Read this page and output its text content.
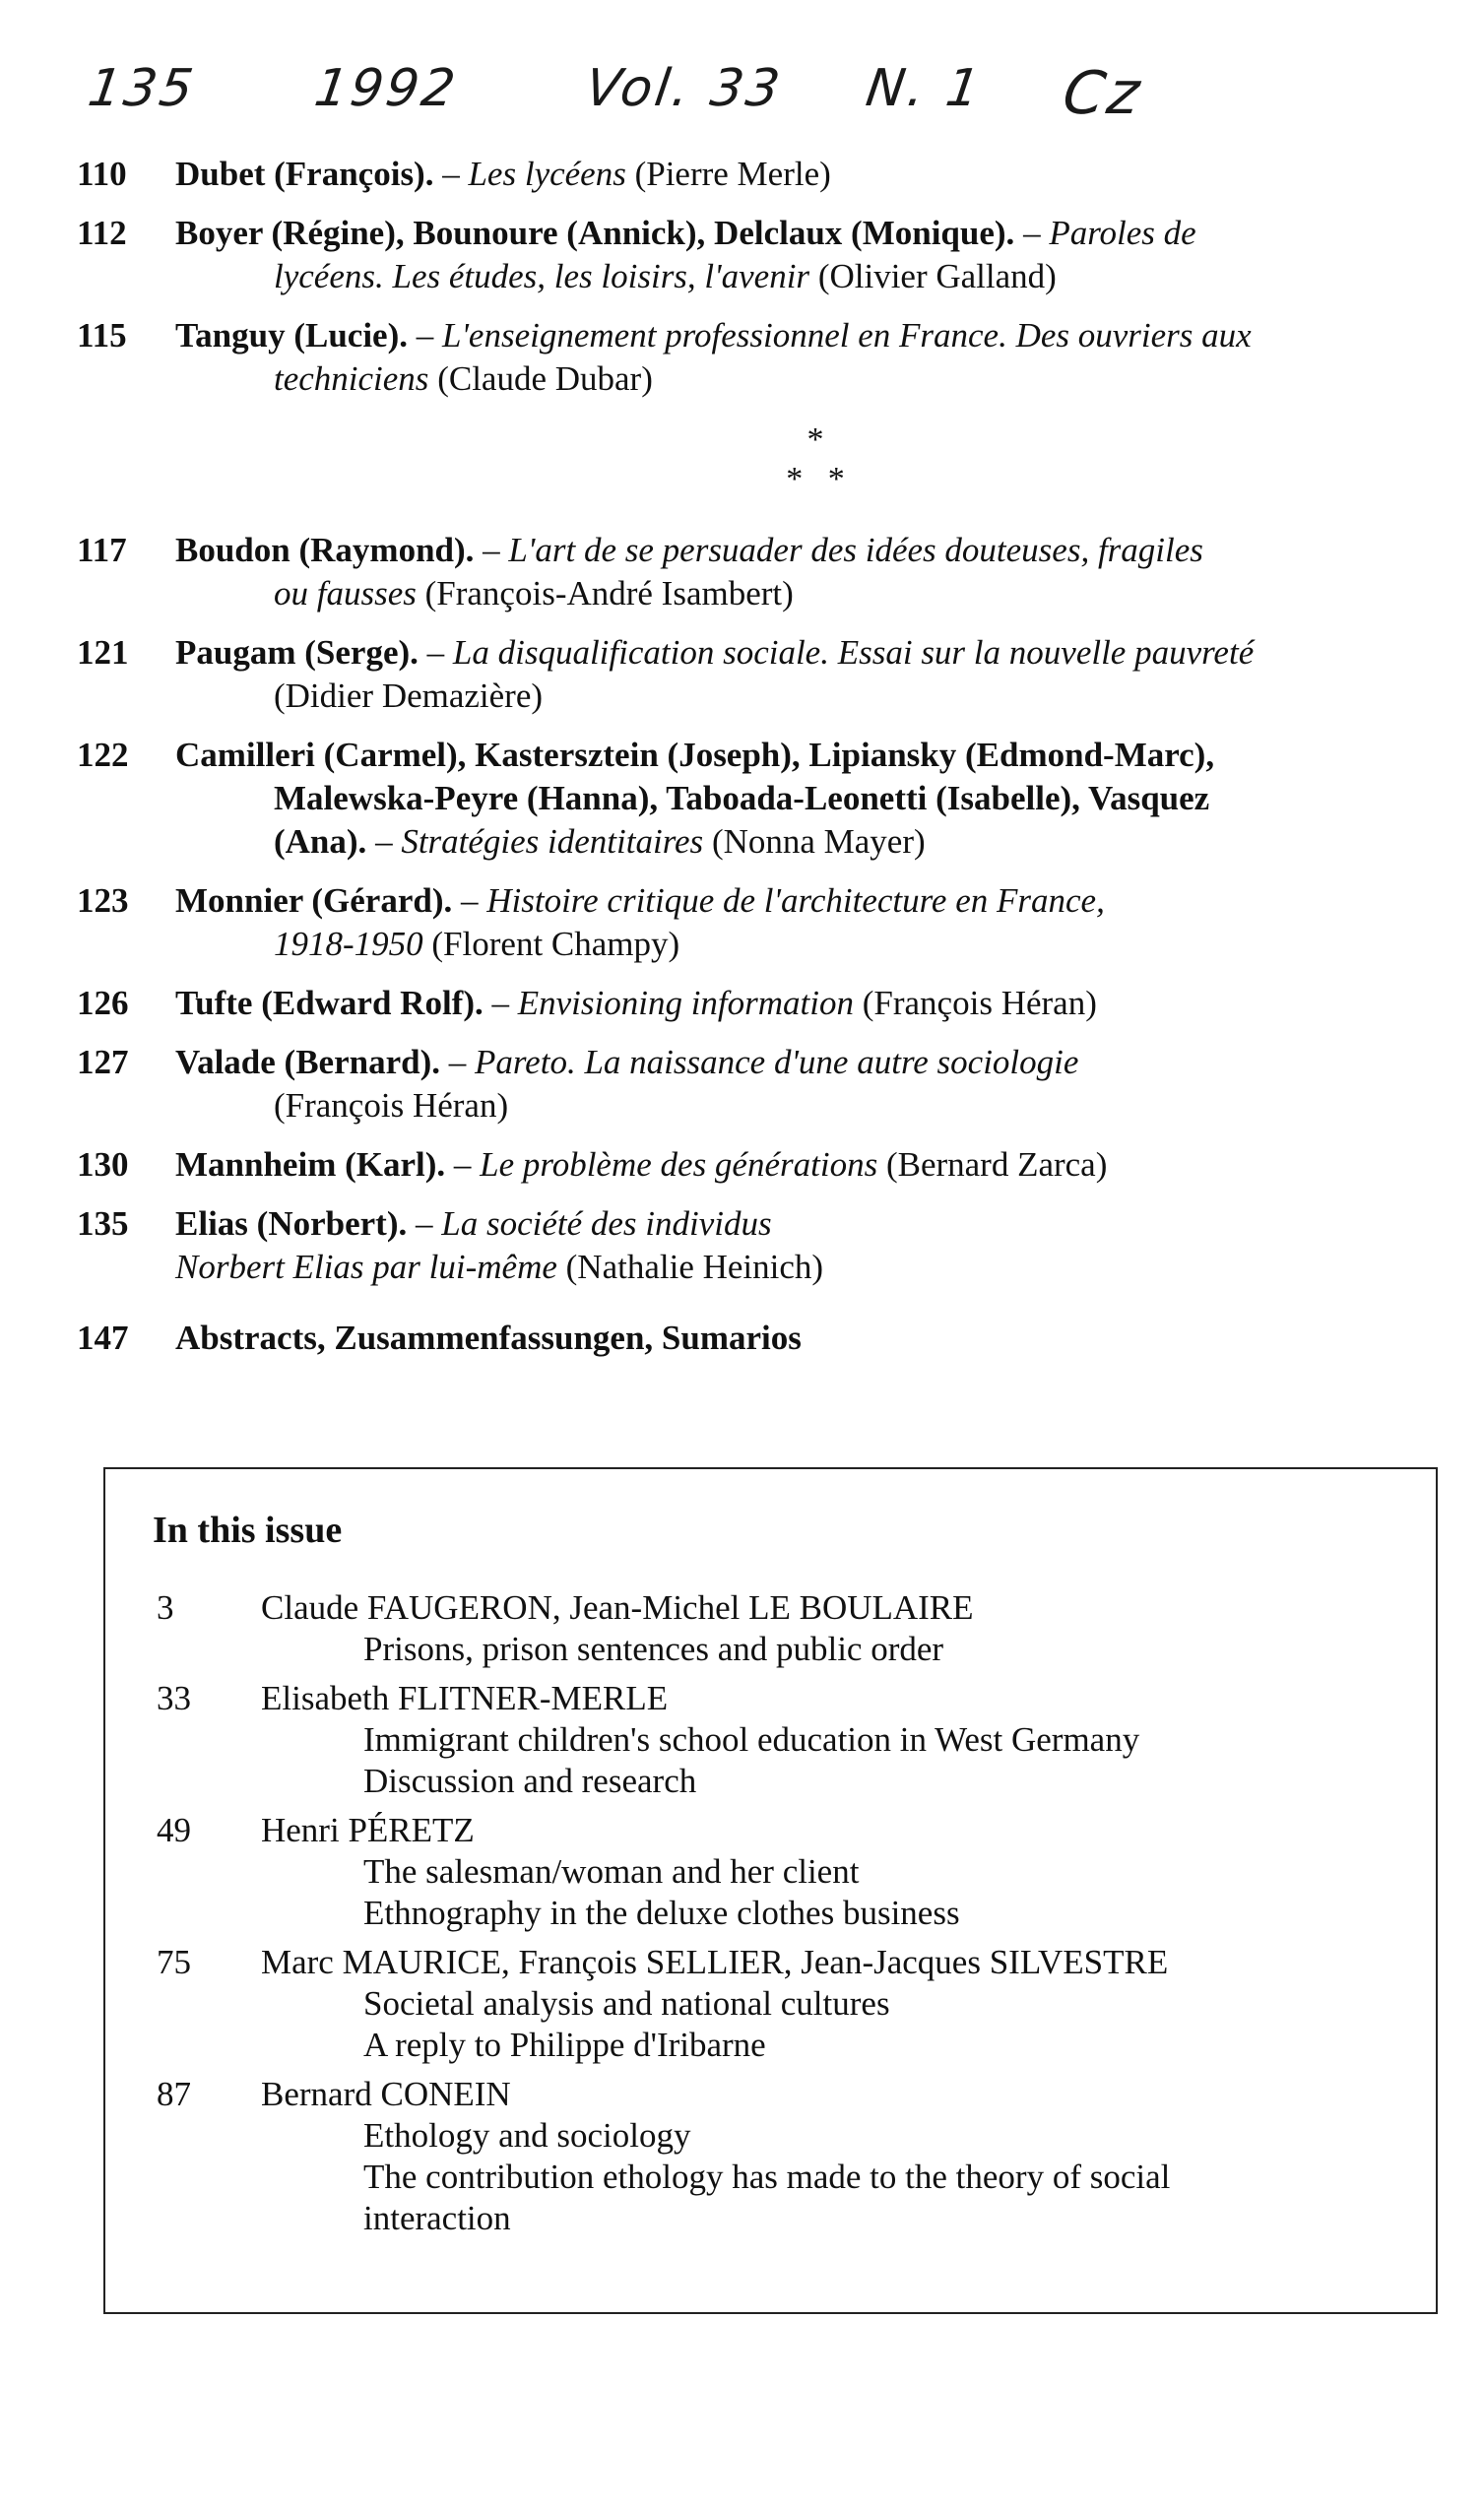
135 1992 Vol. 33 N. 1 Cz
110	Dubet (François). – Les lycéens (Pierre Merle)
112	Boyer (Régine), Bounoure (Annick), Delclaux (Monique). – Paroles de
lycéens. Les études, les loisirs, l'avenir (Olivier Galland)
115	Tanguy (Lucie). – L'enseignement professionnel en France. Des ouvriers aux
techniciens (Claude Dubar)
*
*   *
117	Boudon (Raymond). – L'art de se persuader des idées douteuses, fragiles
ou fausses (François-André Isambert)
121	Paugam (Serge). – La disqualification sociale. Essai sur la nouvelle pauvreté
(Didier Demazière)
122	Camilleri (Carmel), Kastersztein (Joseph), Lipiansky (Edmond-Marc),
Malewska-Peyre (Hanna), Taboada-Leonetti (Isabelle), Vasquez
(Ana). – Stratégies identitaires (Nonna Mayer)
123	Monnier (Gérard). – Histoire critique de l'architecture en France,
1918-1950 (Florent Champy)
126	Tufte (Edward Rolf). – Envisioning information (François Héran)
127	Valade (Bernard). – Pareto. La naissance d'une autre sociologie
(François Héran)
130	Mannheim (Karl). – Le problème des générations (Bernard Zarca)
135	Elias (Norbert). – La société des individus
Norbert Elias par lui-même (Nathalie Heinich)
147	Abstracts, Zusammenfassungen, Sumarios
In this issue
3	Claude FAUGERON, Jean-Michel LE BOULAIRE
Prisons, prison sentences and public order
33	Elisabeth FLITNER-MERLE
Immigrant children's school education in West Germany
Discussion and research
49	Henri PÉRETZ
The salesman/woman and her client
Ethnography in the deluxe clothes business
75	Marc MAURICE, François SELLIER, Jean-Jacques SILVESTRE
Societal analysis and national cultures
A reply to Philippe d'Iribarne
87	Bernard CONEIN
Ethology and sociology
The contribution ethology has made to the theory of social
interaction
